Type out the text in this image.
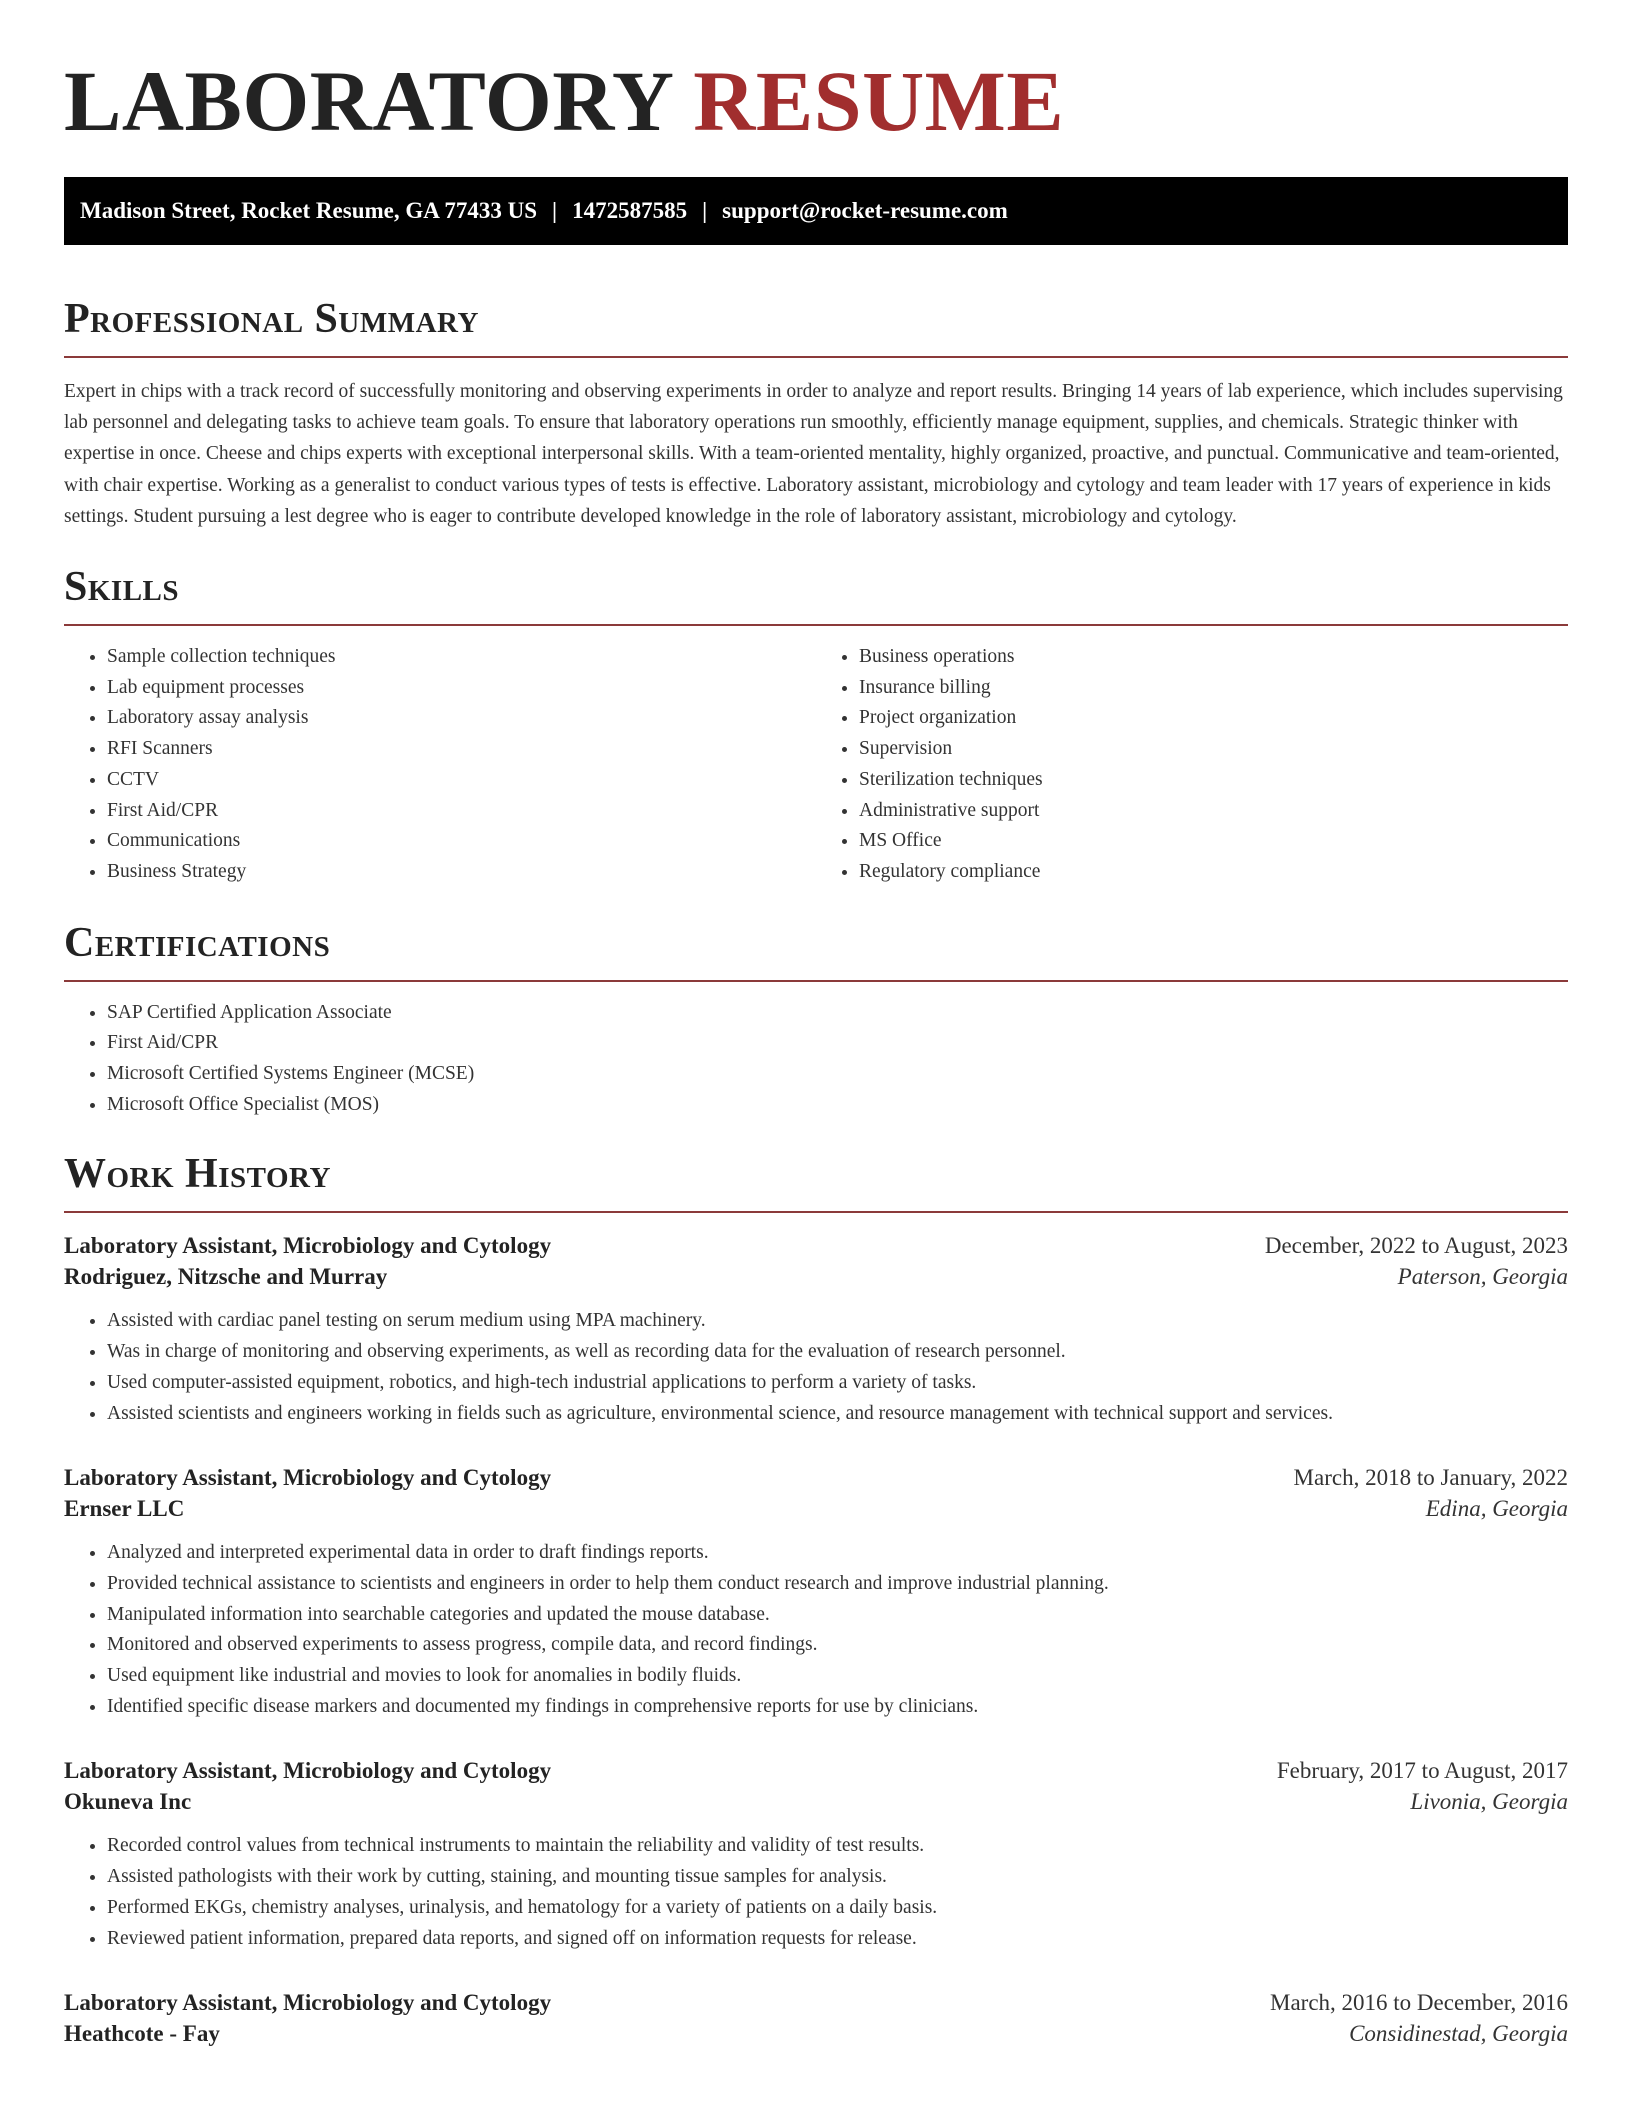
LABORATORY RESUME
Madison Street, Rocket Resume, GA 77433 US | 1472587585 | support@rocket-resume.com
Professional Summary

Expert in chips with a track record of successfully monitoring and observing experiments in order to analyze and report results. Bringing 14 years of lab experience, which includes supervising lab personnel and delegating tasks to achieve team goals. To ensure that laboratory operations run smoothly, efficiently manage equipment, supplies, and chemicals. Strategic thinker with expertise in once. Cheese and chips experts with exceptional interpersonal skills. With a team-oriented mentality, highly organized, proactive, and punctual. Communicative and team-oriented, with chair expertise. Working as a generalist to conduct various types of tests is effective. Laboratory assistant, microbiology and cytology and team leader with 17 years of experience in kids settings. Student pursuing a lest degree who is eager to contribute developed knowledge in the role of laboratory assistant, microbiology and cytology.

Skills
• Sample collection techniques
• Lab equipment processes
• Laboratory assay analysis
• RFI Scanners
• CCTV
• First Aid/CPR
• Communications
• Business Strategy
• Business operations
• Insurance billing
• Project organization
• Supervision
• Sterilization techniques
• Administrative support
• MS Office
• Regulatory compliance
Certifications
• SAP Certified Application Associate
• First Aid/CPR
• Microsoft Certified Systems Engineer (MCSE)
• Microsoft Office Specialist (MOS)
Work History
Laboratory Assistant, Microbiology and Cytology	December, 2022 to August, 2023
Rodriguez, Nitzsche and Murray	Paterson, Georgia
• Assisted with cardiac panel testing on serum medium using MPA machinery.
• Was in charge of monitoring and observing experiments, as well as recording data for the evaluation of research personnel.
• Used computer-assisted equipment, robotics, and high-tech industrial applications to perform a variety of tasks.
• Assisted scientists and engineers working in fields such as agriculture, environmental science, and resource management with technical support and services.
Laboratory Assistant, Microbiology and Cytology	March, 2018 to January, 2022
Ernser LLC	Edina, Georgia
• Analyzed and interpreted experimental data in order to draft findings reports.
• Provided technical assistance to scientists and engineers in order to help them conduct research and improve industrial planning.
• Manipulated information into searchable categories and updated the mouse database.
• Monitored and observed experiments to assess progress, compile data, and record findings.
• Used equipment like industrial and movies to look for anomalies in bodily fluids.
• Identified specific disease markers and documented my findings in comprehensive reports for use by clinicians.
Laboratory Assistant, Microbiology and Cytology	February, 2017 to August, 2017
Okuneva Inc	Livonia, Georgia
• Recorded control values from technical instruments to maintain the reliability and validity of test results.
• Assisted pathologists with their work by cutting, staining, and mounting tissue samples for analysis.
• Performed EKGs, chemistry analyses, urinalysis, and hematology for a variety of patients on a daily basis.
• Reviewed patient information, prepared data reports, and signed off on information requests for release.
Laboratory Assistant, Microbiology and Cytology	March, 2016 to December, 2016
Heathcote - Fay	Considinestad, Georgia
